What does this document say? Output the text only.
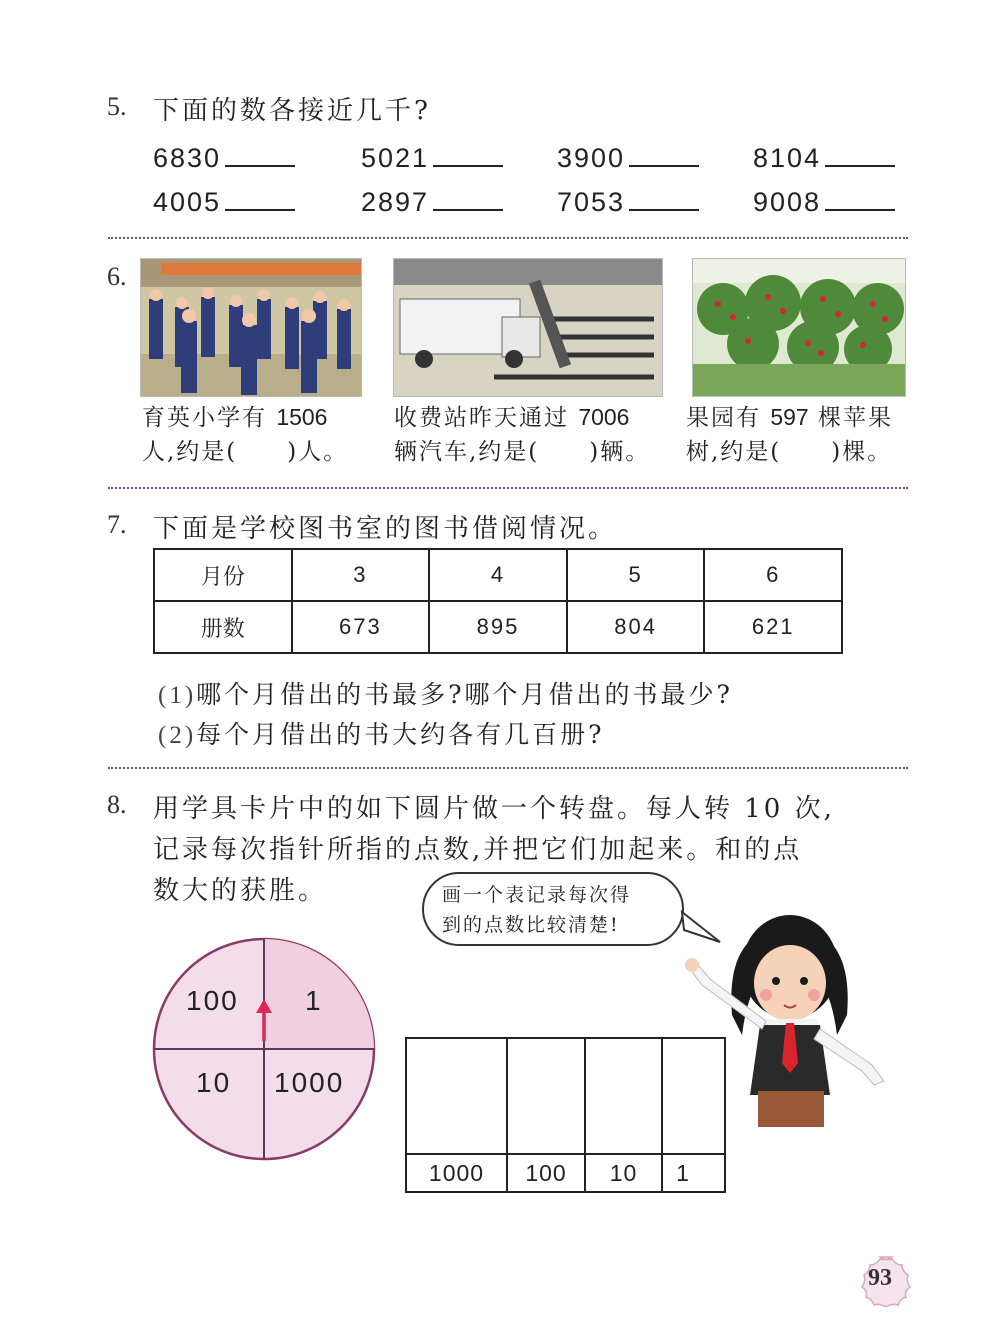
5. 下面的数各接近几千?
6830	5021	3900	8104
4005	2897	7053	9008
6.
育英小学有 1506
人,约是(　　)人。
收费站昨天通过 7006
辆汽车,约是(　　)辆。
果园有 597 棵苹果
树,约是(　　)棵。
7. 下面是学校图书室的图书借阅情况。
月份	3	4	5	6
册数	673	895	804	621
(1)哪个月借出的书最多?哪个月借出的书最少?
(2)每个月借出的书大约各有几百册?
8. 用学具卡片中的如下圆片做一个转盘。每人转 10 次,
记录每次指针所指的点数,并把它们加起来。和的点
数大的获胜。	画一个表记录每次得
到的点数比较清楚!
100 1
10 1000
1000	100	10	1
93
